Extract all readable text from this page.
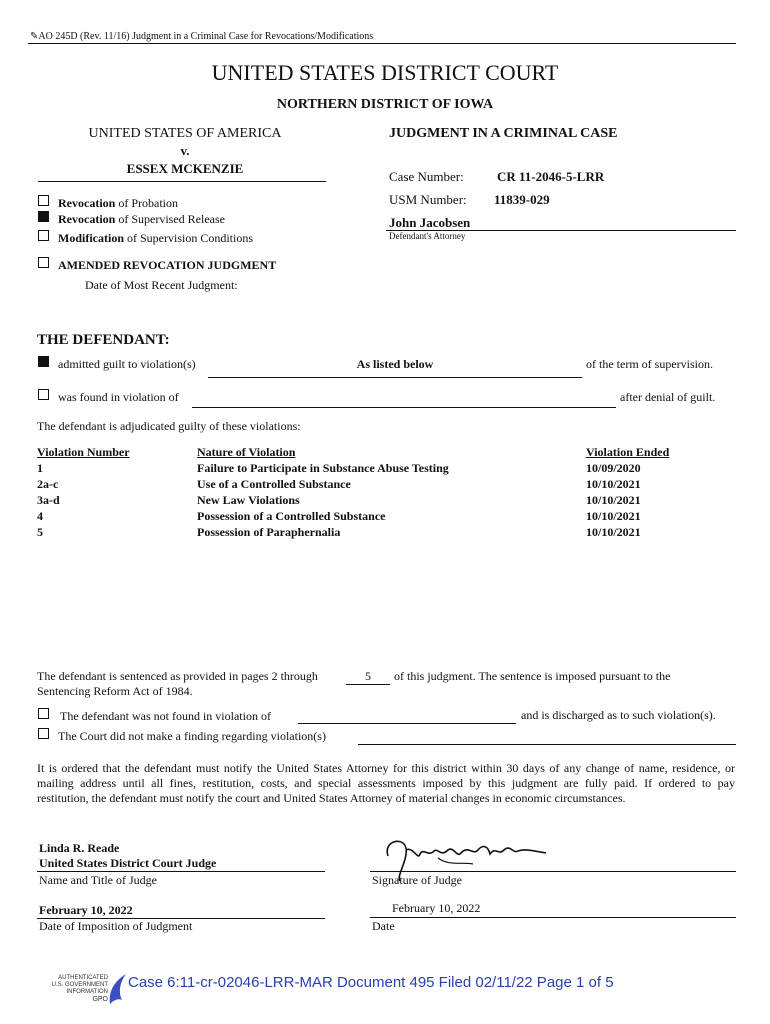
✎AO 245D (Rev. 11/16) Judgment in a Criminal Case for Revocations/Modifications
UNITED STATES DISTRICT COURT
NORTHERN DISTRICT OF IOWA
UNITED STATES OF AMERICA
v.
ESSEX MCKENZIE
JUDGMENT IN A CRIMINAL CASE
Case Number:	CR 11-2046-5-LRR
USM Number: 11839-029
John Jacobsen
Defendant's Attorney
Revocation of Probation
Revocation of Supervised Release
Modification of Supervision Conditions
AMENDED REVOCATION JUDGMENT
Date of Most Recent Judgment:
THE DEFENDANT:
admitted guilt to violation(s)	As listed below	of the term of supervision.
was found in violation of	after denial of guilt.
The defendant is adjudicated guilty of these violations:
Violation Number	Nature of Violation	Violation Ended
1	Failure to Participate in Substance Abuse Testing	10/09/2020
2a-c	Use of a Controlled Substance	10/10/2021
3a-d	New Law Violations	10/10/2021
4	Possession of a Controlled Substance	10/10/2021
5	Possession of Paraphernalia	10/10/2021
The defendant is sentenced as provided in pages 2 through	5	of this judgment. The sentence is imposed pursuant to the
Sentencing Reform Act of 1984.
The defendant was not found in violation of	and is discharged as to such violation(s).
The Court did not make a finding regarding violation(s)
It is ordered that the defendant must notify the United States Attorney for this district within 30 days of any change of name, residence, or
mailing address until all fines, restitution, costs, and special assessments imposed by this judgment are fully paid. If ordered to pay
restitution, the defendant must notify the court and United States Attorney of material changes in economic circumstances.
Linda R. Reade
United States District Court Judge
Name and Title of Judge	Signature of Judge
February 10, 2022
Date of Imposition of Judgment
February 10, 2022
Date
AUTHENTICATED
U.S. GOVERNMENT
INFORMATION
GPO
Case 6:11-cr-02046-LRR-MAR Document 495 Filed 02/11/22 Page 1 of 5
